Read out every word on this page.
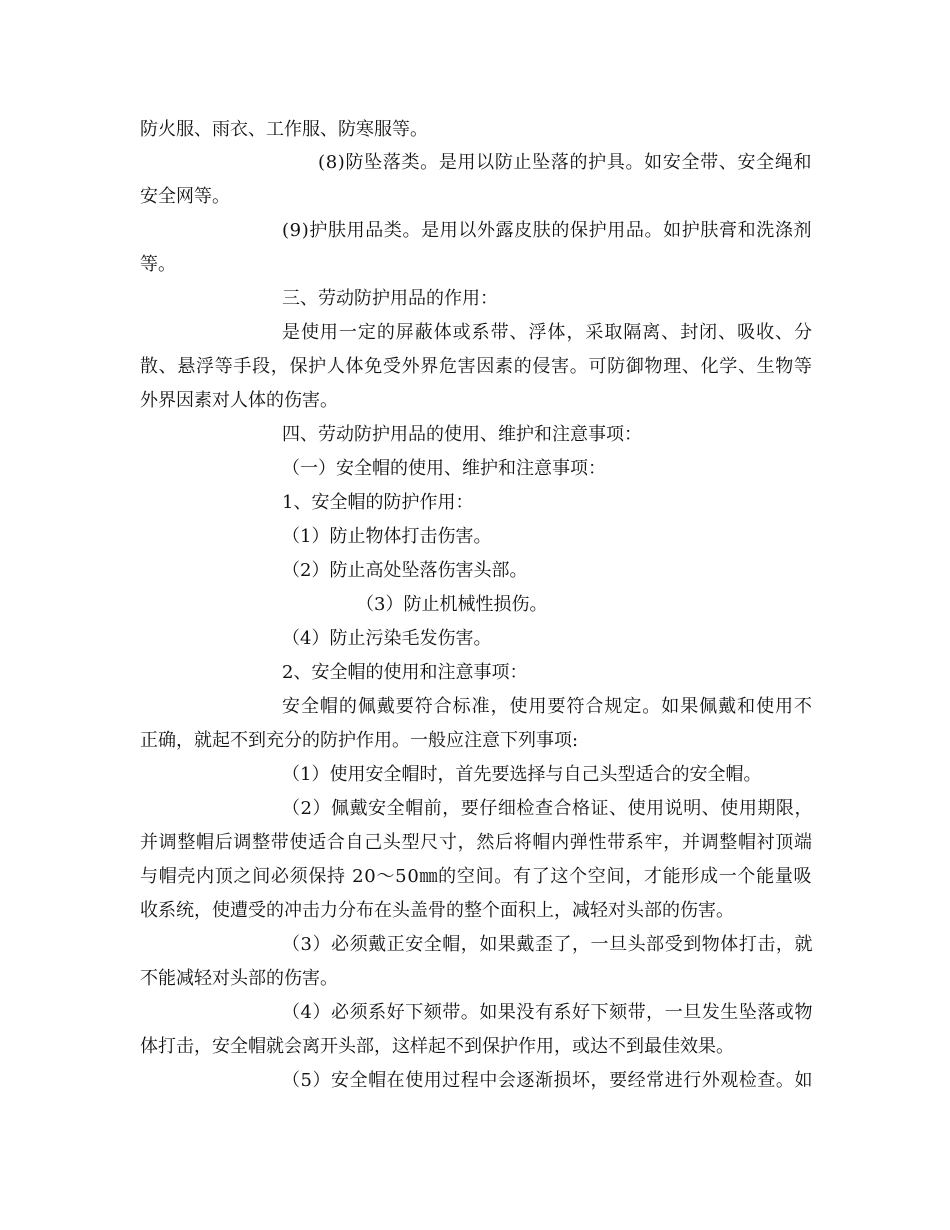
防火服、雨衣、工作服、防寒服等。
(8)防坠落类。是用以防止坠落的护具。如安全带、安全绳和
安全网等。
(9)护肤用品类。是用以外露皮肤的保护用品。如护肤膏和洗涤剂
等。
三、劳动防护用品的作用：
是使用一定的屏蔽体或系带、浮体，采取隔离、封闭、吸收、分
散、悬浮等手段，保护人体免受外界危害因素的侵害。可防御物理、化学、生物等
外界因素对人体的伤害。
四、劳动防护用品的使用、维护和注意事项：
（一）安全帽的使用、维护和注意事项：
1、安全帽的防护作用：
（1）防止物体打击伤害。
（2）防止高处坠落伤害头部。
（3）防止机械性损伤。
（4）防止污染毛发伤害。
2、安全帽的使用和注意事项：
安全帽的佩戴要符合标准，使用要符合规定。如果佩戴和使用不
正确，就起不到充分的防护作用。一般应注意下列事项:
（1）使用安全帽时，首先要选择与自己头型适合的安全帽。
（2）佩戴安全帽前，要仔细检查合格证、使用说明、使用期限，
并调整帽后调整带使适合自己头型尺寸，然后将帽内弹性带系牢，并调整帽衬顶端
与帽壳内顶之间必须保持 20～50㎜的空间。有了这个空间，才能形成一个能量吸
收系统，使遭受的冲击力分布在头盖骨的整个面积上，减轻对头部的伤害。
（3）必须戴正安全帽，如果戴歪了，一旦头部受到物体打击，就
不能减轻对头部的伤害。
（4）必须系好下颏带。如果没有系好下颏带，一旦发生坠落或物
体打击，安全帽就会离开头部，这样起不到保护作用，或达不到最佳效果。
（5）安全帽在使用过程中会逐渐损坏，要经常进行外观检查。如
